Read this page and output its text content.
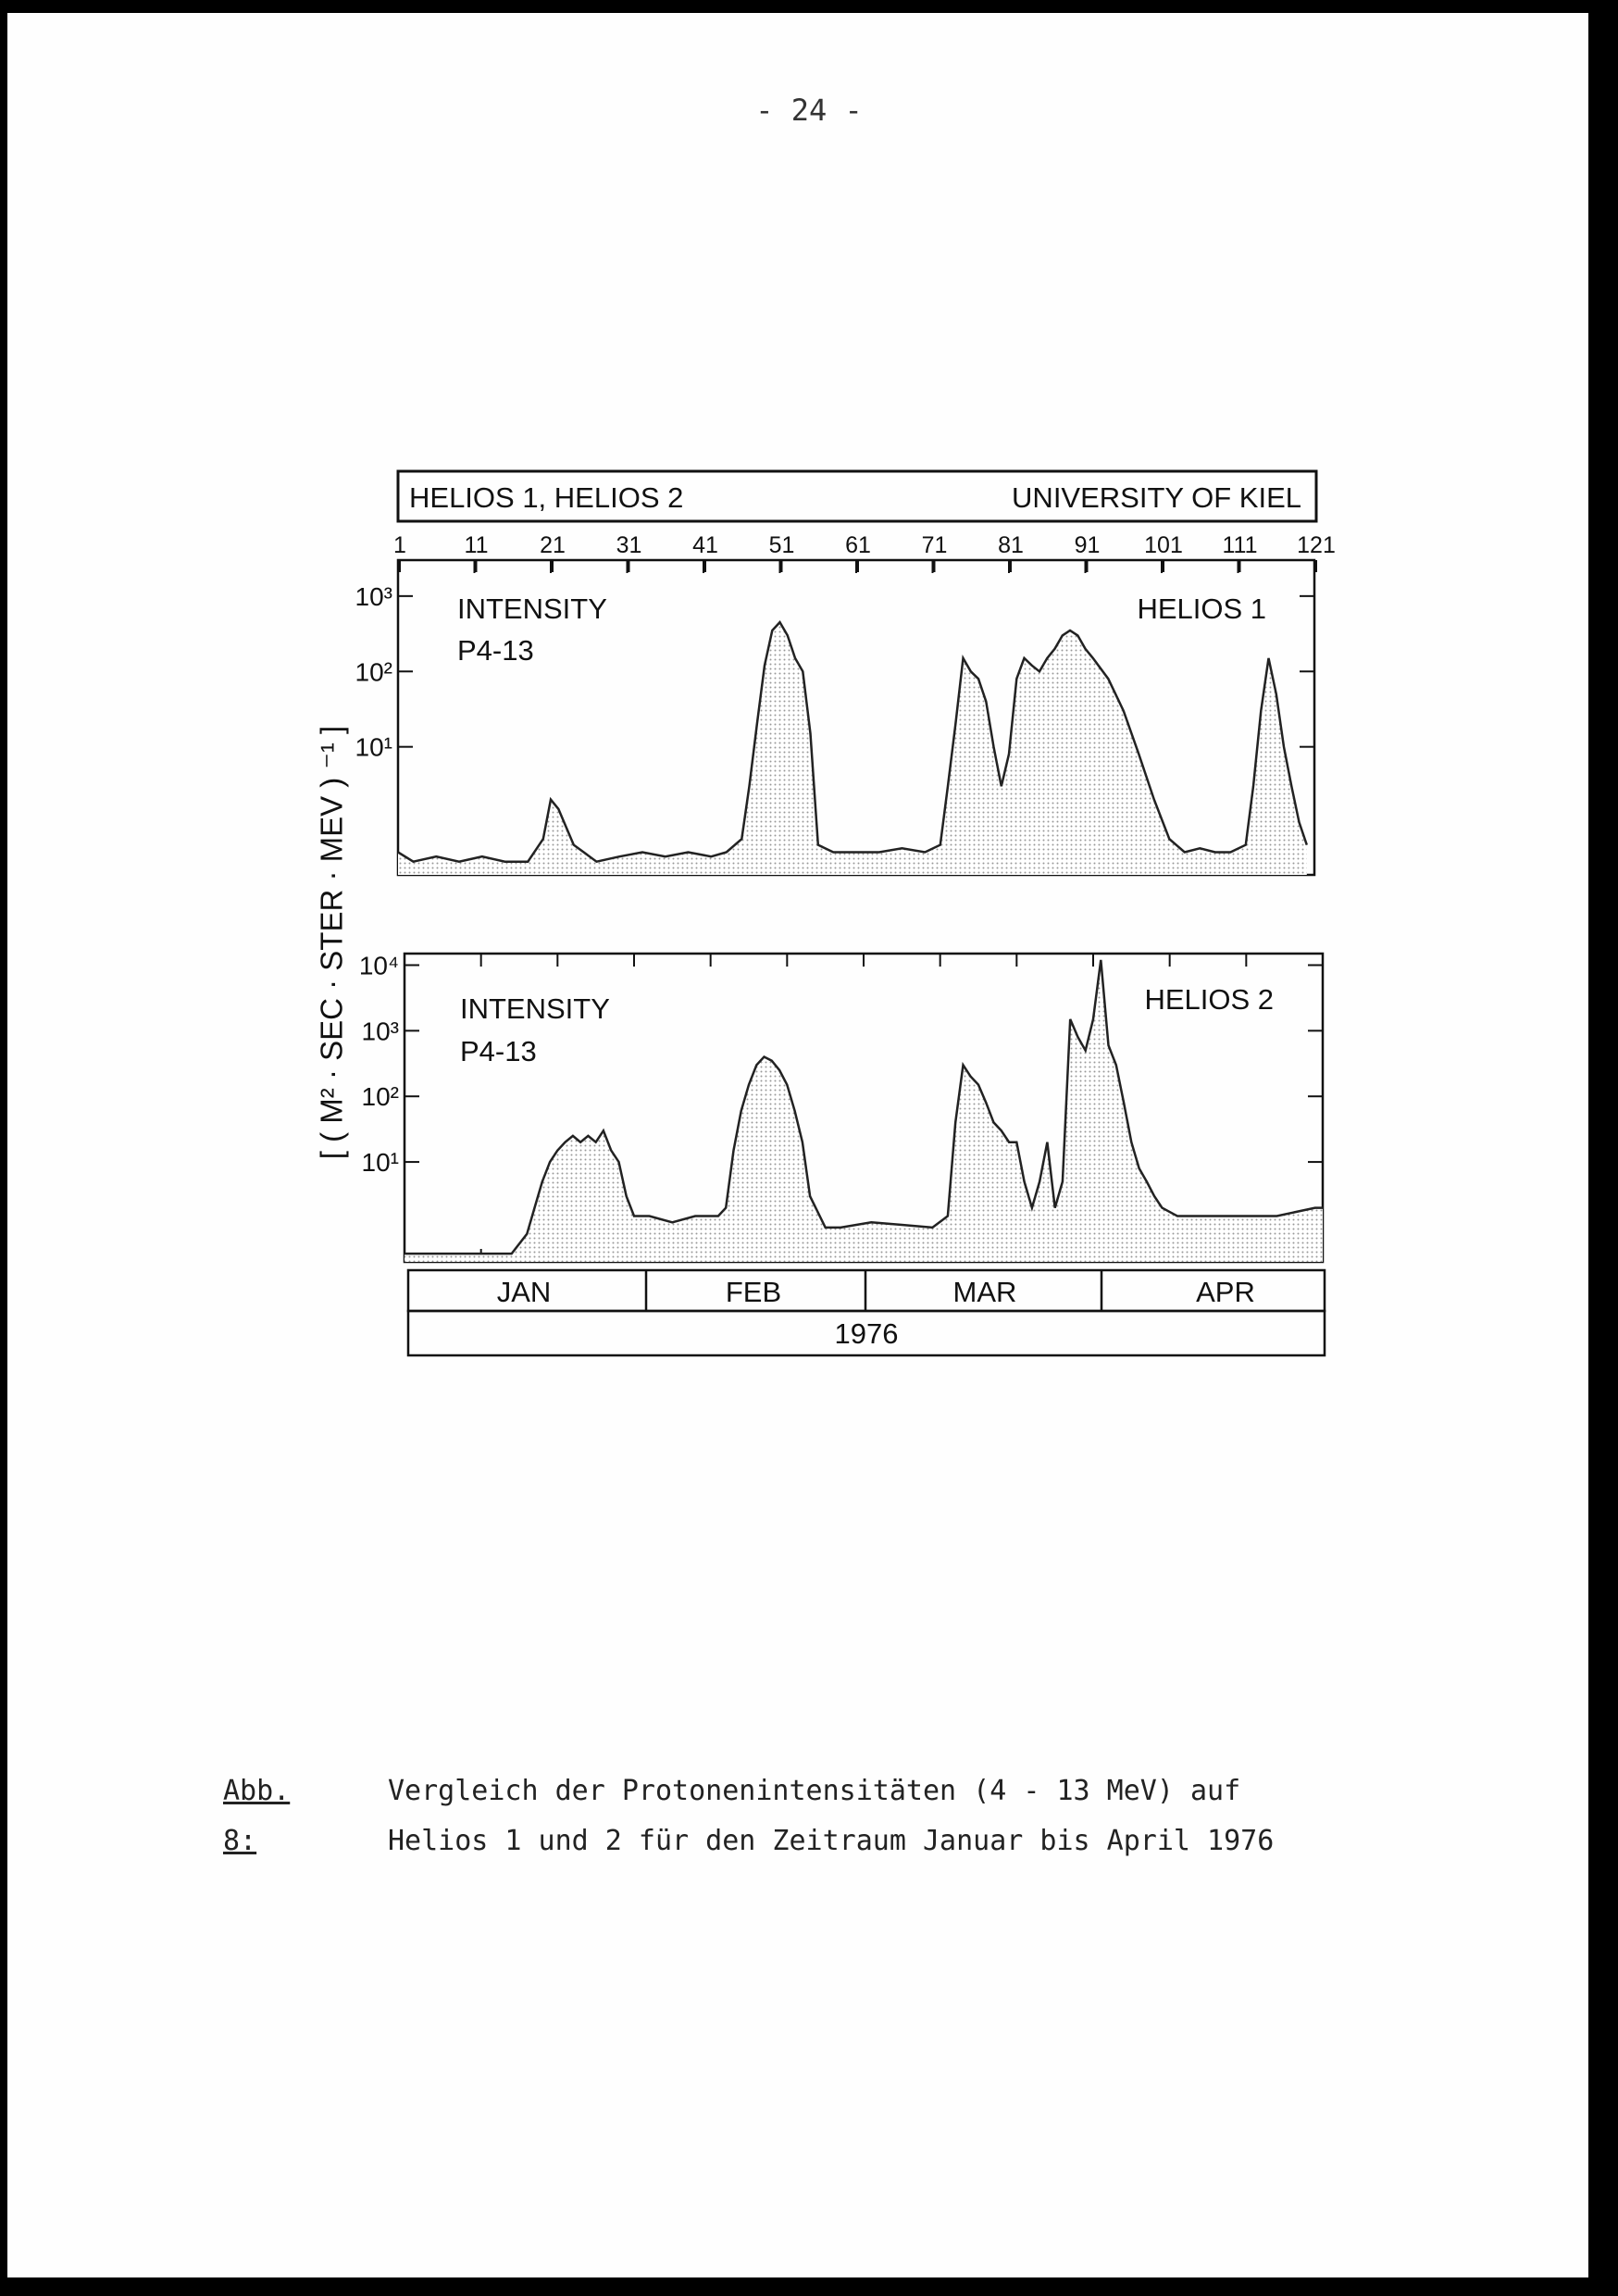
- 24 -
HELIOS 1, HELIOS 2	UNIVERSITY OF KIEL
1	11 21 31 41 51 61 71 81 91 101 111 121
10¹
10²
10³ INTENSITY
P4-13
HELIOS 1
10¹
10²
10³
10⁴
INTENSITY
P4-13
HELIOS 2
JAN	FEB	MAR	APR
1976
[ ( M² · SEC · STER · MEV ) ⁻¹ ]
Abb. 8:
Vergleich der Protonenintensitäten (4 - 13 MeV) auf
Helios 1 und 2 für den Zeitraum Januar bis April 1976
